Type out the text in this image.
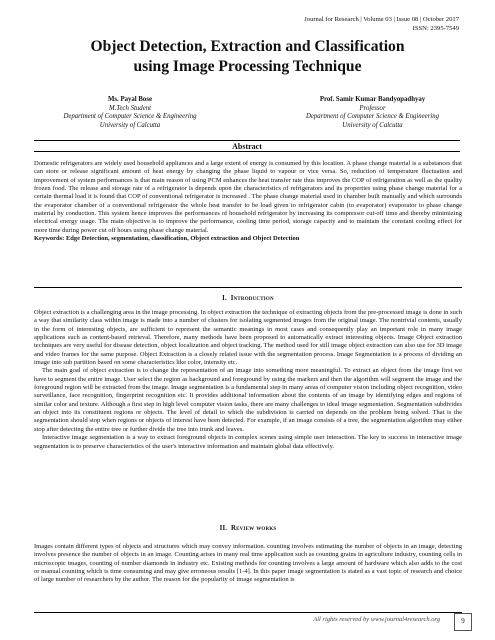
Journal for Research | Volume 03 | Issue 08 | October 2017
ISSN: 2395-7549
Object Detection, Extraction and Classification
using Image Processing Technique
Ms. Payal Bose
M.Tech Student
Department of Computer Science & Engineering
University of Calcutta
Prof. Samir Kumar Bandyopadhyay
Professor
Department of Computer Science & Engineering
University of Calcutta
Abstract
Domestic refrigerators are widely used household appliances and a large extent of energy is consumed by this location. A phase change material is a substances that can store or release significant amount of heat energy by changing the phase liquid to vapour or vice versa. So, reduction of temperature fluctuation and improvement of system performances is that main reason of using PCM enhances the heat transfer rate thus improves the COP of refrigeration as well as the quality frozen food. The release and storage rate of a refrigerator is depends upon the characteristics of refrigerators and its properties using phase change material for a certain thermal load it is found that COP of conventional refrigerator is increased . The phase change material used in chamber built manually and which surrounds the evaporator chamber of a conventional refrigerator the whole heat transfer to be load given to refrigerator cabin (to evaporator) evaporator to phase change material by conduction. This system hence improves the performances of household refrigerator by increasing its compressor cut-off time and thereby minimizing electrical energy usage. The main objective is to improve the performance, cooling time period, storage capacity and to maintain the constant cooling effect for more time during power cut off hours using phase change material.
Keywords: Edge Detection, segmentation, classification, Object extraction and Object Detection
I. Introduction

Object extraction is a challenging area in the image processing. In object extraction the technique of extracting objects from the pre-processed image is done in such a way that similarity class within image is made into a number of clusters for isolating segmented images from the original image. The nontrivial contents, usually in the form of interesting objects, are sufficient to represent the semantic meanings in most cases and consequently play an important role in many image applications such as content-based retrieval. Therefore, many methods have been proposed to automatically extract interesting objects. Image Object extraction techniques are very useful for disease detection, object localization and object tracking. The method used for still image object extraction can also use for 3D image and video frames for the same purpose. Object Extraction is a closely related issue with the segmentation process. Image Segmentation is a process of dividing an image into sub partition based on some characteristics like color, intensity etc.

The main goal of object extraction is to change the representation of an image into something more meaningful. To extract an object from the image first we have to segment the entire image. User select the region as background and foreground by using the markers and then the algorithm will segment the image and the foreground region will be extracted from the image. Image segmentation is a fundamental step in many areas of computer vision including object recognition, video surveillance, face recognition, fingerprint recognition etc. It provides additional information about the contents of an image by identifying edges and regions of similar color and texture. Although a first step in high level computer vision tasks, there are many challenges to ideal image segmentation. Segmentation subdivides an object into its constituent regions or objects. The level of detail to which the subdivision is carried on depends on the problem being solved. That is the segmentation should stop when regions or objects of interest have been detected. For example, if an image consists of a tree, the segmentation algorithm may either stop after detecting the entire tree or further divide the tree into trunk and leaves.

Interactive image segmentation is a way to extract foreground objects in complex scenes using simple user interaction. The key to success in interactive image segmentation is to preserve characteristics of the user's interactive information and maintain global data effectively.

II. Review works

Images contain different types of objects and structures which may convey information. counting involves estimating the number of objects in an image, detecting involves presence the number of objects in an image. Counting arises in many real time application such as counting grains in agriculture industry, counting cells in microscopic images, counting of number diamonds in industry etc. Existing methods for counting involves a large amount of hardware which also adds to the cost or manual counting which is time consuming and may give erroneous results [1-4]. In this paper image segmentation is stated as a vast topic of research and choice of large number of researchers by the author. The reason for the popularity of image segmentation is

All rights reserved by www.journal4research.org	9
